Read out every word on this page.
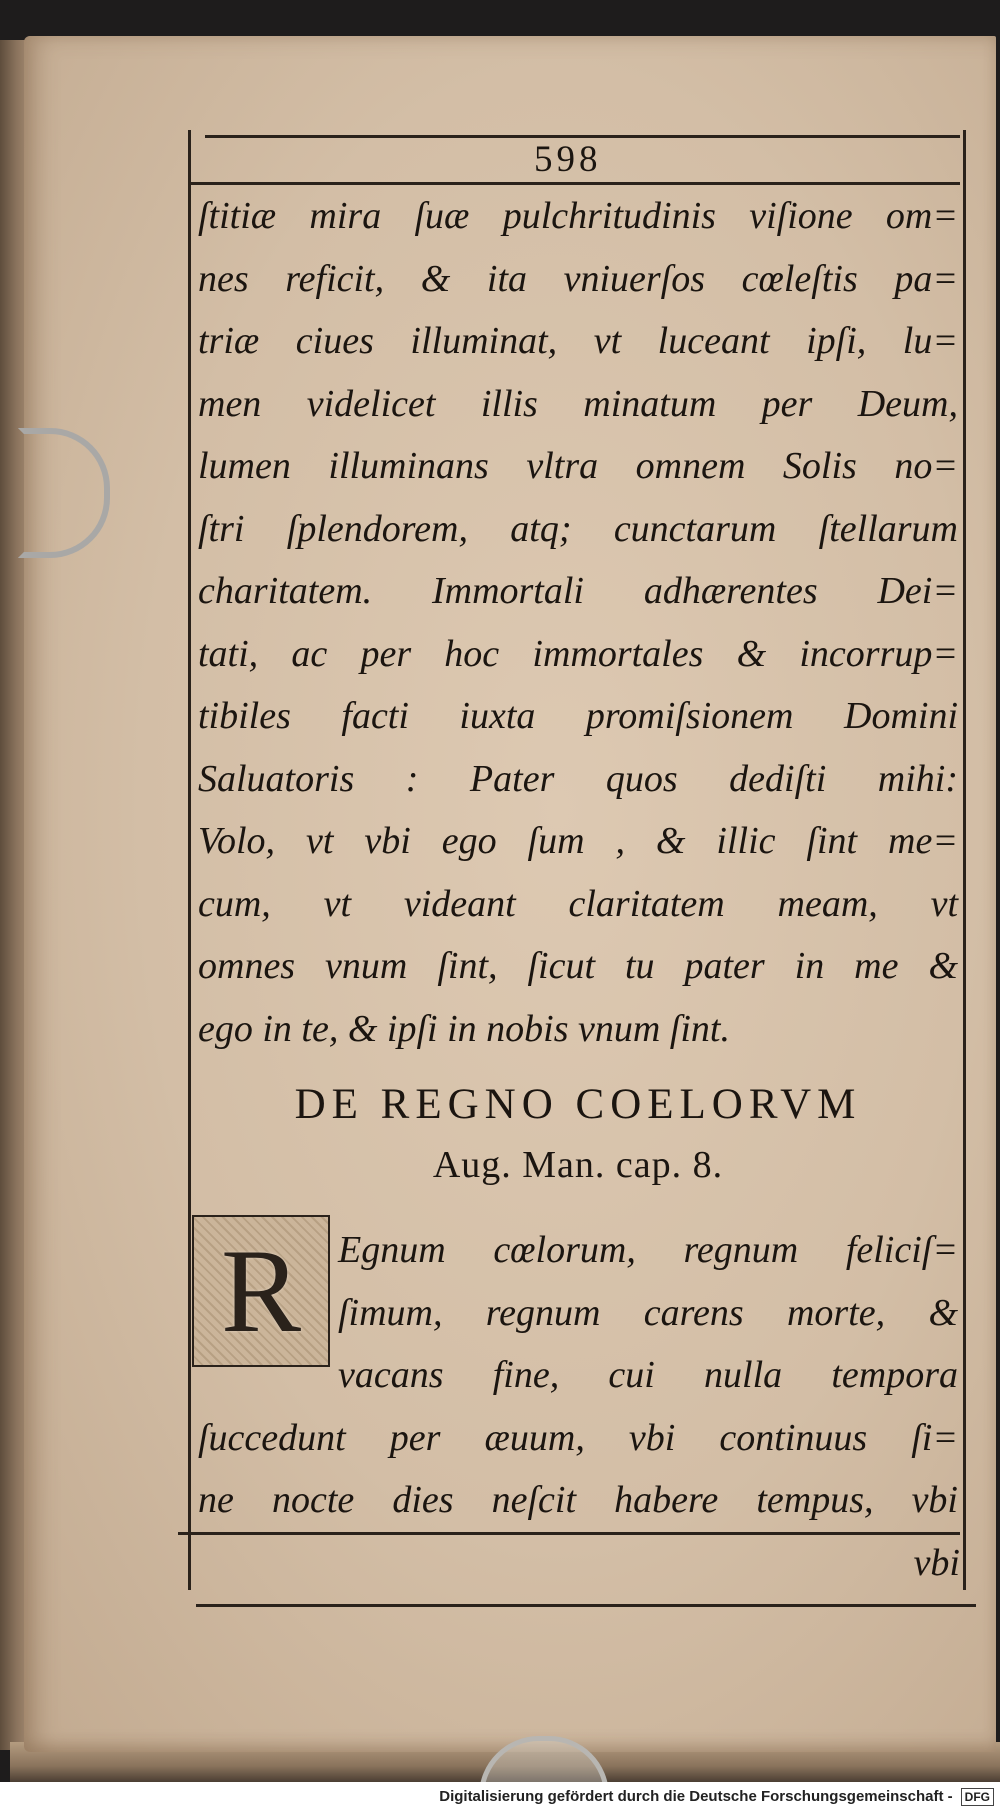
598
ſtitiæ mira ſuæ pulchritudinis viſione om=
nes reficit, & ita vniuerſos cœleſtis pa=
triæ ciues illuminat, vt luceant ipſi, lu=
men videlicet illis minatum per Deum,
lumen illuminans vltra omnem Solis no=
ſtri ſplendorem, atq; cunctarum ſtellarum
charitatem. Immortali adhærentes Dei=
tati, ac per hoc immortales & incorrup=
tibiles facti iuxta promiſsionem Domini
Saluatoris : Pater quos dediſti mihi:
Volo, vt vbi ego ſum , & illic ſint me=
cum, vt videant claritatem meam, vt
omnes vnum ſint, ſicut tu pater in me &
ego in te, & ipſi in nobis vnum ſint.
DE REGNO COELORVM
Aug. Man. cap. 8.
R Egnum cœlorum, regnum feliciſ=
ſimum, regnum carens morte, &
vacans fine, cui nulla tempora
ſuccedunt per æuum, vbi continuus ſi=
ne nocte dies neſcit habere tempus, vbi
vbi
Digitalisierung gefördert durch die Deutsche Forschungsgemeinschaft - DFG
